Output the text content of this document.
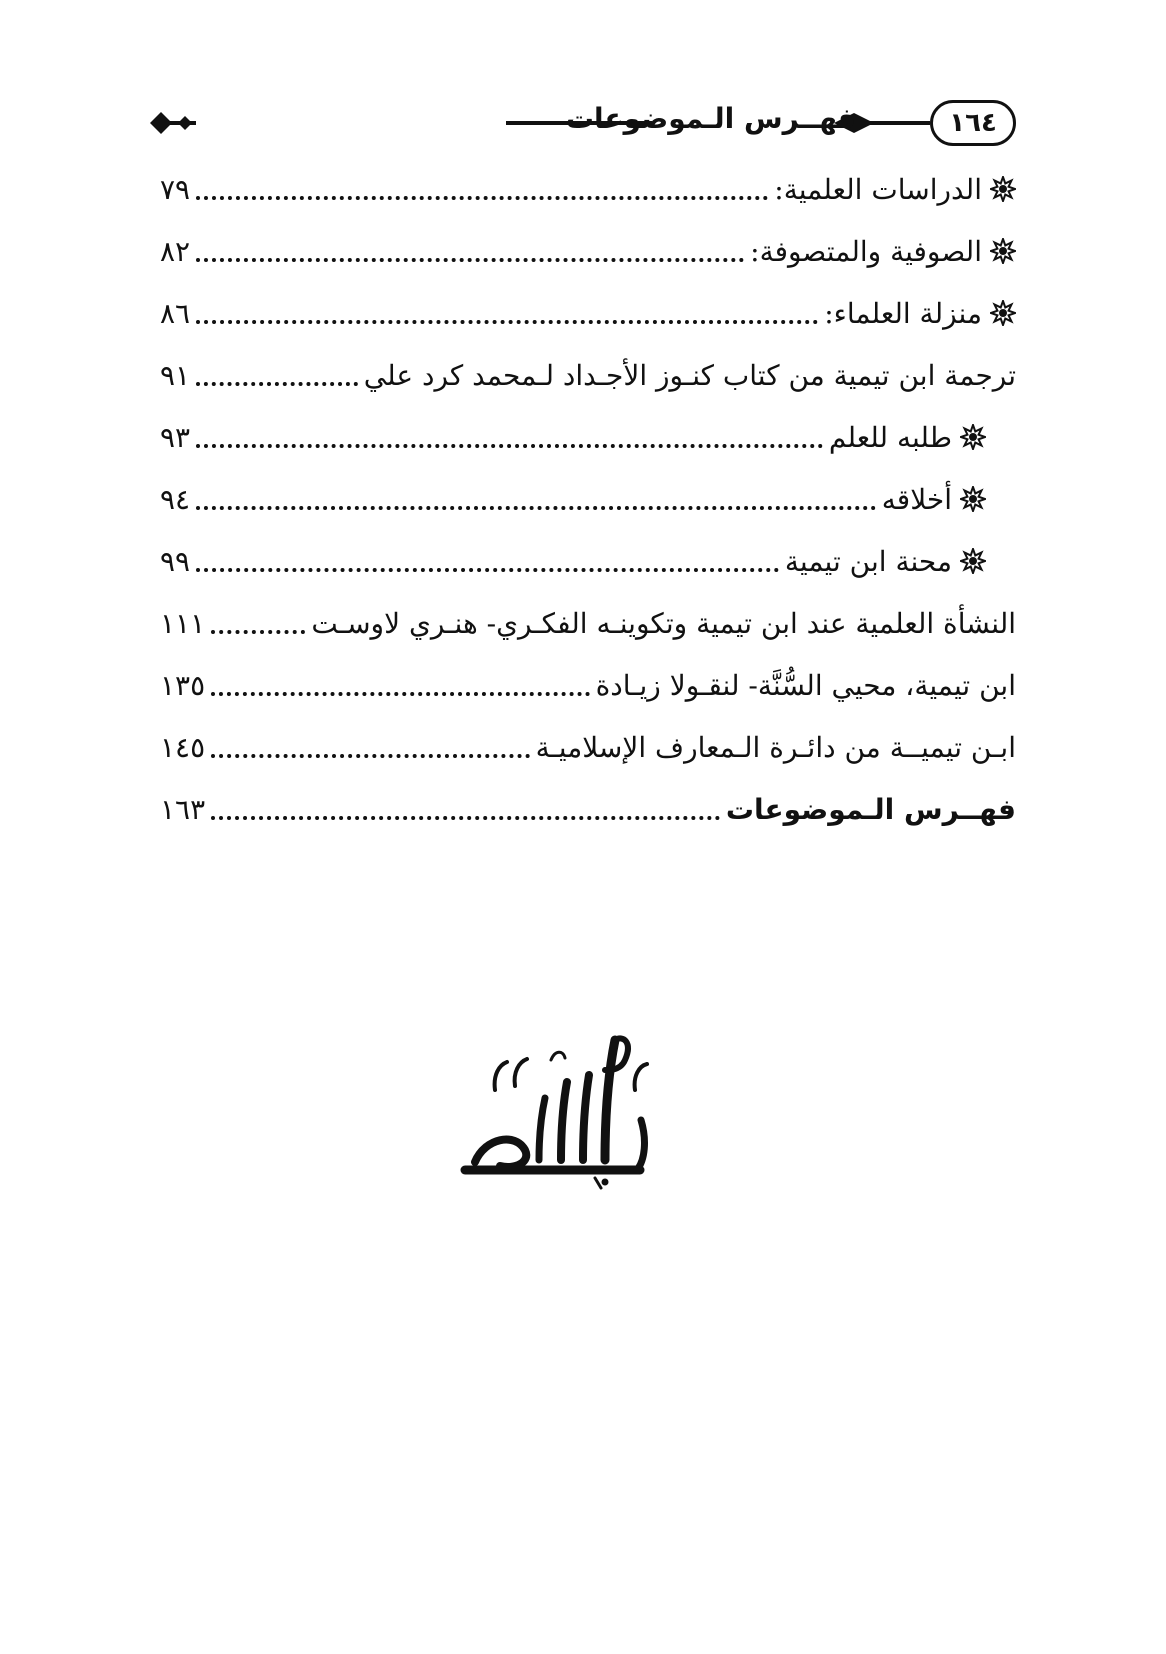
١٦٤
فهــرس الـموضوعات
الدراسات العلمية:
٧٩
الصوفية والمتصوفة:
٨٢
منزلة العلماء:
٨٦
ترجمة ابن تيمية من كتاب كنـوز الأجـداد لـمحمد كرد علي
٩١
طلبه للعلم
٩٣
أخلاقه
٩٤
محنة ابن تيمية
٩٩
النشأة العلمية عند ابن تيمية وتكوينـه الفكـري- هنـري لاوسـت
١١١
ابن تيمية، محيي السُّنَّة- لنقـولا زيـادة
١٣٥
ابـن تيميــة من دائـرة الـمعارف الإسلاميـة
١٤٥
فهــرس الـموضوعات
١٦٣
